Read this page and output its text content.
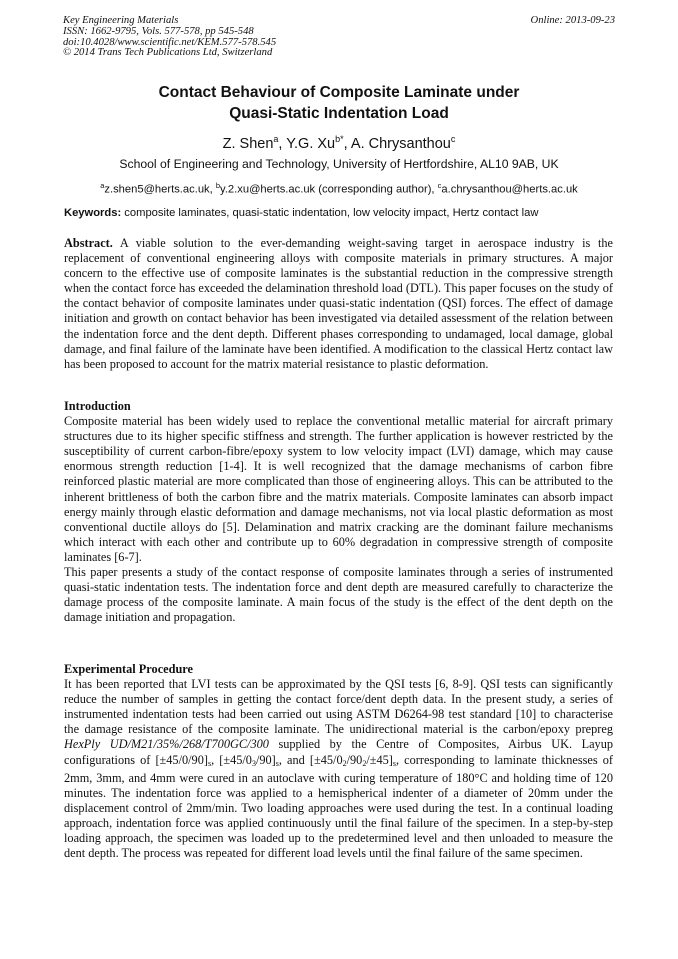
Key Engineering Materials
ISSN: 1662-9795, Vols. 577-578, pp 545-548
doi:10.4028/www.scientific.net/KEM.577-578.545
© 2014 Trans Tech Publications Ltd, Switzerland
Online: 2013-09-23
Contact Behaviour of Composite Laminate under
Quasi-Static Indentation Load
Z. Shen$^a$, Y.G. $Xu^{b*}$, A. Chrysanthou$^c$
School of Engineering and Technology, University of Hertfordshire, AL10 9AB, UK
$^a$z.shen5@herts.ac.uk, $^b$y.2.xu@herts.ac.uk (corresponding author), $^c$a.chrysanthou@herts.ac.uk
Keywords: composite laminates, quasi-static indentation, low velocity impact, Hertz contact law

Abstract. A viable solution to the ever-demanding weight-saving target in aerospace industry is the replacement of conventional engineering alloys with composite materials in primary structures. A major concern to the effective use of composite laminates is the substantial reduction in the compressive strength when the contact force has exceeded the delamination threshold load (DTL). This paper focuses on the study of the contact behavior of composite laminates under quasi-static indentation (QSI) forces. The effect of damage initiation and growth on contact behavior has been investigated via detailed assessment of the relation between the indentation force and the dent depth. Different phases corresponding to undamaged, local damage, global damage, and final failure of the laminate have been identified. A modification to the classical Hertz contact law has been proposed to account for the matrix material resistance to plastic deformation.

Introduction

Composite material has been widely used to replace the conventional metallic material for aircraft primary structures due to its higher specific stiffness and strength. The further application is however restricted by the susceptibility of current carbon-fibre/epoxy system to low velocity impact (LVI) damage, which may cause enormous strength reduction [1-4]. It is well recognized that the damage mechanisms of carbon fibre reinforced plastic material are more complicated than those of engineering alloys. This can be attributed to the inherent brittleness of both the carbon fibre and the matrix materials. Composite laminates can absorb impact energy mainly through elastic deformation and damage mechanisms, not via local plastic deformation as most conventional ductile alloys do [5]. Delamination and matrix cracking are the dominant failure mechanisms which interact with each other and contribute up to 60% degradation in compressive strength of composite laminates [6-7].

This paper presents a study of the contact response of composite laminates through a series of instrumented quasi-static indentation tests. The indentation force and dent depth are measured carefully to characterize the damage process of the composite laminate. A main focus of the study is the effect of the dent depth on the damage initiation and propagation.

Experimental Procedure

It has been reported that LVI tests can be approximated by the QSI tests [6, 8-9]. QSI tests can significantly reduce the number of samples in getting the contact force/dent depth data. In the present study, a series of instrumented indentation tests had been carried out using ASTM D6264-98 test standard [10] to characterise the damage resistance of the composite laminate. The unidirectional material is the carbon/epoxy prepreg HexPly UD/M21/35%/268/T700GC/300 supplied by the Centre of Composites, Airbus UK. Layup configurations of $[\pm 45/0/90]_s$, $[\pm 45/0_3/90]_s$, and $[\pm 45/0_2/90_2/\pm 45]_s$, corresponding to laminate thicknesses of 2mm, 3mm, and 4mm were cured in an autoclave with curing temperature of 180°C and holding time of 120 minutes. The indentation force was applied to a hemispherical indenter of a diameter of 20mm under the displacement control of 2mm/min. Two loading approaches were used during the test. In a continual loading approach, indentation force was applied continuously until the final failure of the specimen. In a step-by-step loading approach, the specimen was loaded up to the predetermined level and then unloaded to measure the dent depth. The process was repeated for different load levels until the final failure of the same specimen.
